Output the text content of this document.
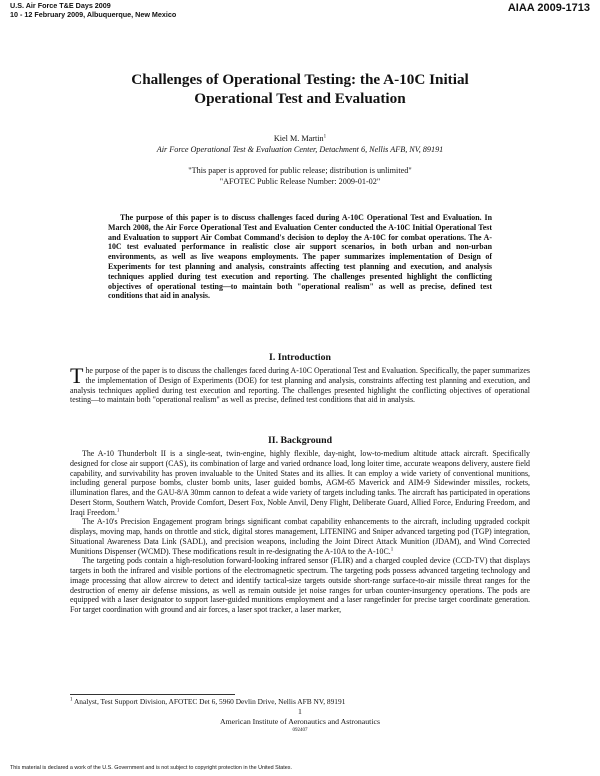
U.S. Air Force T&E Days 2009
10 - 12 February 2009, Albuquerque, New Mexico
AIAA 2009-1713
Challenges of Operational Testing: the A-10C Initial
Operational Test and Evaluation
Kiel M. Martin$^1$
Air Force Operational Test & Evaluation Center, Detachment 6, Nellis AFB, NV, 89191
"This paper is approved for public release; distribution is unlimited"
"AFOTEC Public Release Number: 2009-01-02"

The purpose of this paper is to discuss challenges faced during A-10C Operational Test and Evaluation. In March 2008, the Air Force Operational Test and Evaluation Center conducted the A-10C Initial Operational Test and Evaluation to support Air Combat Command's decision to deploy the A-10C for combat operations. The A-10C test evaluated performance in realistic close air support scenarios, in both urban and non-urban environments, as well as live weapons employments. The paper summarizes implementation of Design of Experiments for test planning and analysis, constraints affecting test planning and execution, and analysis techniques applied during test execution and reporting. The challenges presented highlight the conflicting objectives of operational testing—to maintain both "operational realism" as well as precise, defined test conditions that aid in analysis.

I. Introduction
The purpose of the paper is to discuss the challenges faced during A-10C Operational Test and Evaluation. Specifically, the paper summarizes the implementation of Design of Experiments (DOE) for test planning and analysis, constraints affecting test planning and execution, and analysis techniques applied during test execution and reporting. The challenges presented highlight the conflicting objectives of operational testing—to maintain both "operational realism" as well as precise, defined test conditions that aid in analysis.
II. Background

The A-10 Thunderbolt II is a single-seat, twin-engine, highly flexible, day-night, low-to-medium altitude attack aircraft. Specifically designed for close air support (CAS), its combination of large and varied ordnance load, long loiter time, accurate weapons delivery, austere field capability, and survivability has proven invaluable to the United States and its allies. It can employ a wide variety of conventional munitions, including general purpose bombs, cluster bomb units, laser guided bombs, AGM-65 Maverick and AIM-9 Sidewinder missiles, rockets, illumination flares, and the GAU-8/A 30mm cannon to defeat a wide variety of targets including tanks. The aircraft has participated in operations Desert Storm, Southern Watch, Provide Comfort, Desert Fox, Noble Anvil, Deny Flight, Deliberate Guard, Allied Force, Enduring Freedom, and Iraqi Freedom.$^1$

The A-10's Precision Engagement program brings significant combat capability enhancements to the aircraft, including upgraded cockpit displays, moving map, hands on throttle and stick, digital stores management, LITENING and Sniper advanced targeting pod (TGP) integration, Situational Awareness Data Link (SADL), and precision weapons, including the Joint Direct Attack Munition (JDAM), and Wind Corrected Munitions Dispenser (WCMD). These modifications result in re-designating the A-10A to the A-10C.$^1$

The targeting pods contain a high-resolution forward-looking infrared sensor (FLIR) and a charged coupled device (CCD-TV) that displays targets in both the infrared and visible portions of the electromagnetic spectrum. The targeting pods possess advanced targeting technology and image processing that allow aircrew to detect and identify tactical-size targets outside short-range surface-to-air missile threat ranges for the destruction of enemy air defense missions, as well as remain outside jet noise ranges for urban counter-insurgency operations. The pods are equipped with a laser designator to support laser-guided munitions employment and a laser rangefinder for precise target coordinate generation. For target coordination with ground and air forces, a laser spot tracker, a laser marker,

$^1$ Analyst, Test Support Division, AFOTEC Det 6, 5960 Devlin Drive, Nellis AFB NV, 89191
1
American Institute of Aeronautics and Astronautics
092407
This material is declared a work of the U.S. Government and is not subject to copyright protection in the United States.
